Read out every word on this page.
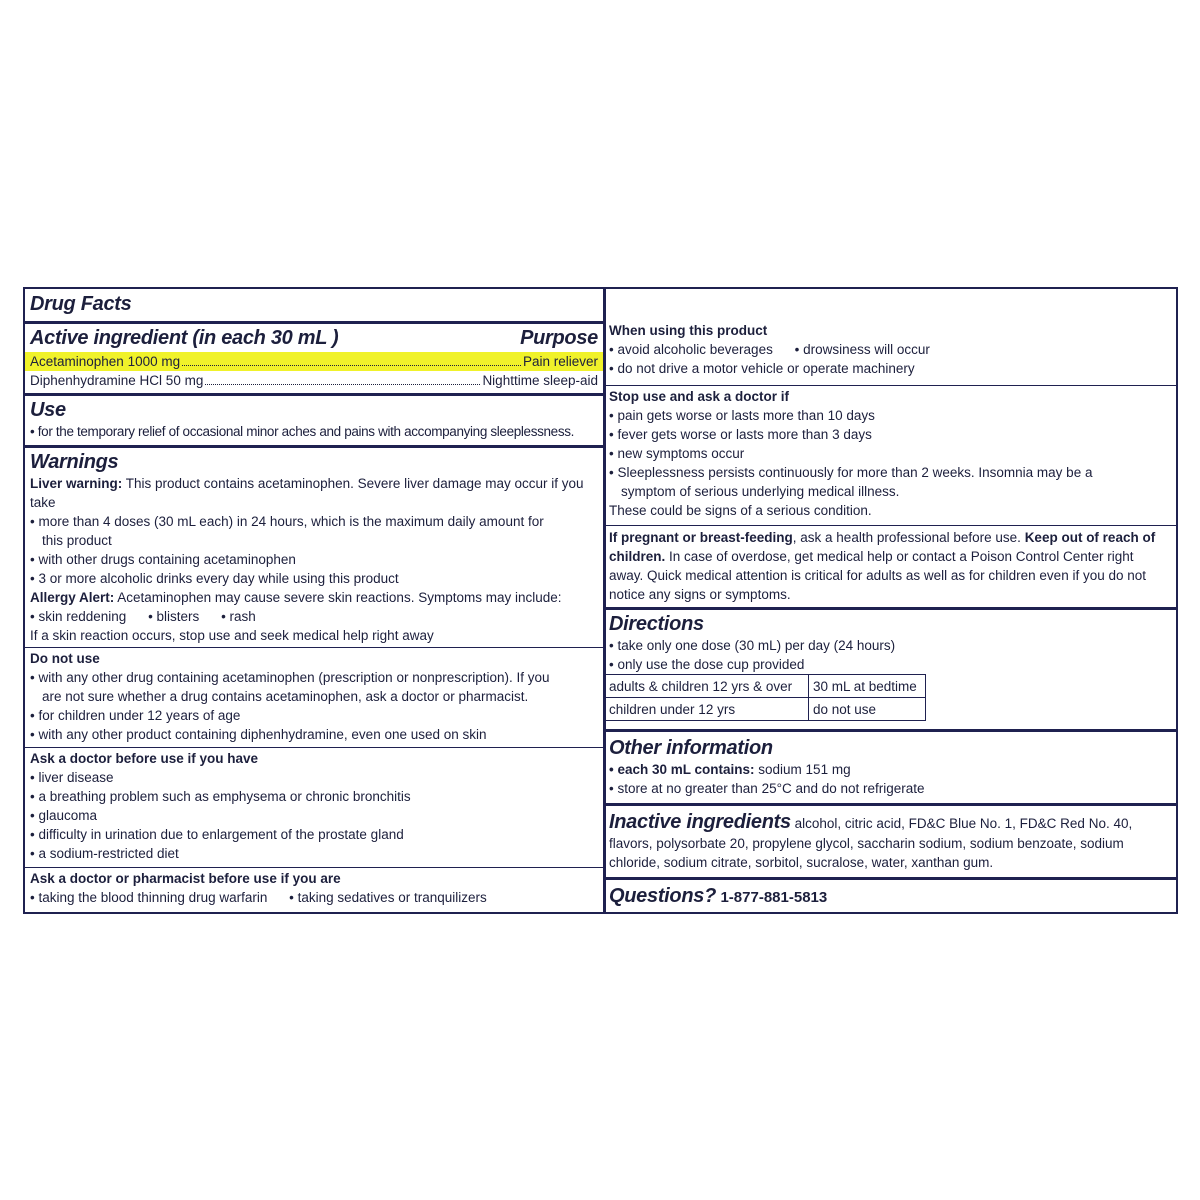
Drug Facts
Active ingredient (in each 30 mL )	Purpose
Acetaminophen 1000 mg	Pain reliever
Diphenhydramine HCl 50 mg	Nighttime sleep-aid
Use
• for the temporary relief of occasional minor aches and pains with accompanying sleeplessness.
Warnings
Liver warning: This product contains acetaminophen. Severe liver damage may occur if you take
• more than 4 doses (30 mL each) in 24 hours, which is the maximum daily amount for
this product
• with other drugs containing acetaminophen
• 3 or more alcoholic drinks every day while using this product
Allergy Alert: Acetaminophen may cause severe skin reactions. Symptoms may include:
• skin reddening • blisters • rash
If a skin reaction occurs, stop use and seek medical help right away
Do not use
• with any other drug containing acetaminophen (prescription or nonprescription). If you
are not sure whether a drug contains acetaminophen, ask a doctor or pharmacist.
• for children under 12 years of age
• with any other product containing diphenhydramine, even one used on skin
Ask a doctor before use if you have
• liver disease
• a breathing problem such as emphysema or chronic bronchitis
• glaucoma
• difficulty in urination due to enlargement of the prostate gland
• a sodium-restricted diet
Ask a doctor or pharmacist before use if you are
• taking the blood thinning drug warfarin • taking sedatives or tranquilizers
When using this product
• avoid alcoholic beverages • drowsiness will occur
• do not drive a motor vehicle or operate machinery
Stop use and ask a doctor if
• pain gets worse or lasts more than 10 days
• fever gets worse or lasts more than 3 days
• new symptoms occur
• Sleeplessness persists continuously for more than 2 weeks. Insomnia may be a
symptom of serious underlying medical illness.
These could be signs of a serious condition.
If pregnant or breast-feeding, ask a health professional before use. Keep out of reach of children. In case of overdose, get medical help or contact a Poison Control Center right away. Quick medical attention is critical for adults as well as for children even if you do not notice any signs or symptoms.
Directions
• take only one dose (30 mL) per day (24 hours)
• only use the dose cup provided
adults & children 12 yrs & over	30 mL at bedtime
children under 12 yrs	do not use
Other information
• each 30 mL contains: sodium 151 mg
• store at no greater than 25°C and do not refrigerate
Inactive ingredients alcohol, citric acid, FD&C Blue No. 1, FD&C Red No. 40, flavors, polysorbate 20, propylene glycol, saccharin sodium, sodium benzoate, sodium chloride, sodium citrate, sorbitol, sucralose, water, xanthan gum.
Questions? 1-877-881-5813
